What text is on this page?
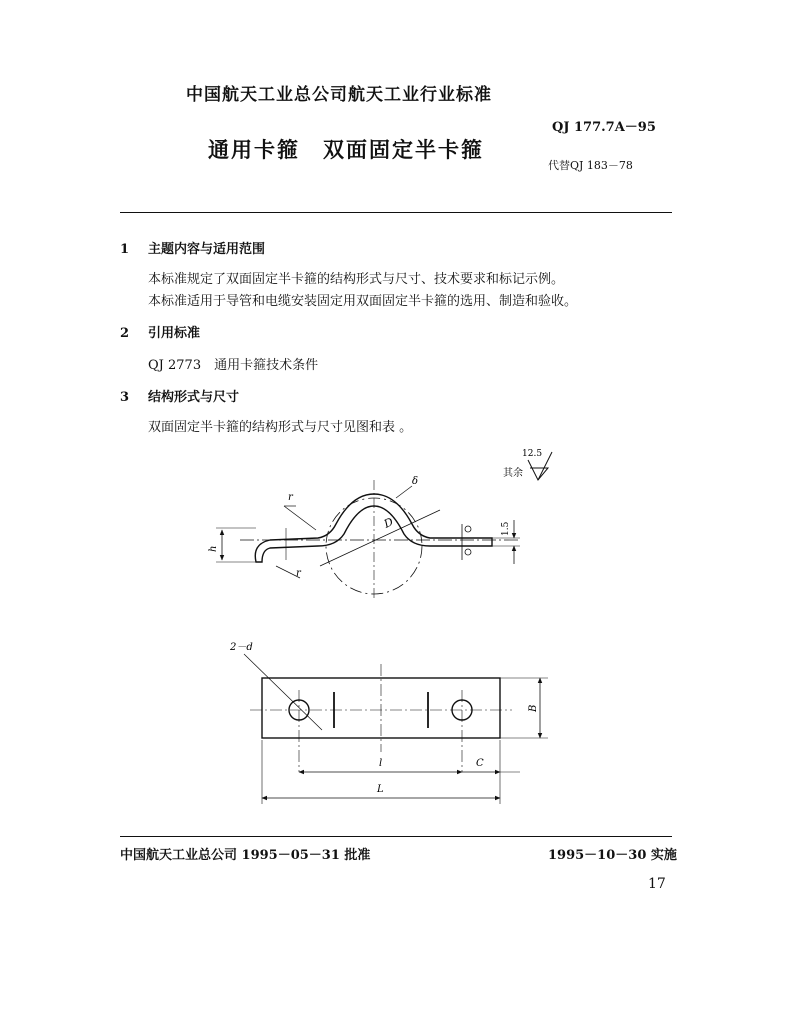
中国航天工业总公司航天工业行业标准
QJ 177.7A－95
通用卡箍　双面固定半卡箍
代替QJ 183－78
1 主题内容与适用范围
本标准规定了双面固定半卡箍的结构形式与尺寸、技术要求和标记示例。
本标准适用于导管和电缆安装固定用双面固定半卡箍的选用、制造和验收。
2 引用标准
QJ 2773　通用卡箍技术条件
3 结构形式与尺寸
双面固定半卡箍的结构形式与尺寸见图和表 。
12.5
其余
r
r
D
δ
h
1.5
2－d
B
l	C
L
中国航天工业总公司 1995－05－31 批准	1995－10－30 实施
17
